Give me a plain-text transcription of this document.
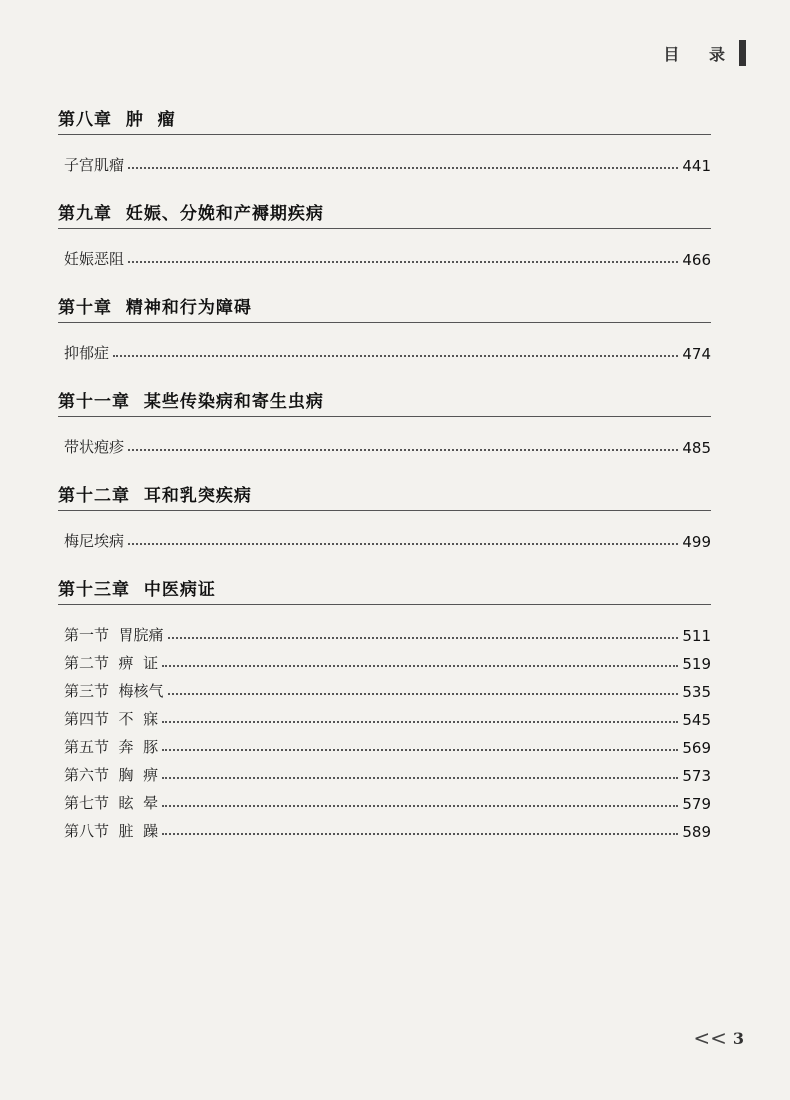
目 录
第八章  肿  瘤
子宫肌瘤	441
第九章  妊娠、分娩和产褥期疾病
妊娠恶阻	466
第十章  精神和行为障碍
抑郁症	474
第十一章  某些传染病和寄生虫病
带状疱疹	485
第十二章  耳和乳突疾病
梅尼埃病	499
第十三章  中医病证
第一节  胃脘痛	511
第二节  痹  证	519
第三节  梅核气	535
第四节  不  寐	545
第五节  奔  豚	569
第六节  胸  痹	573
第七节  眩  晕	579
第八节  脏  躁	589
<< 3
